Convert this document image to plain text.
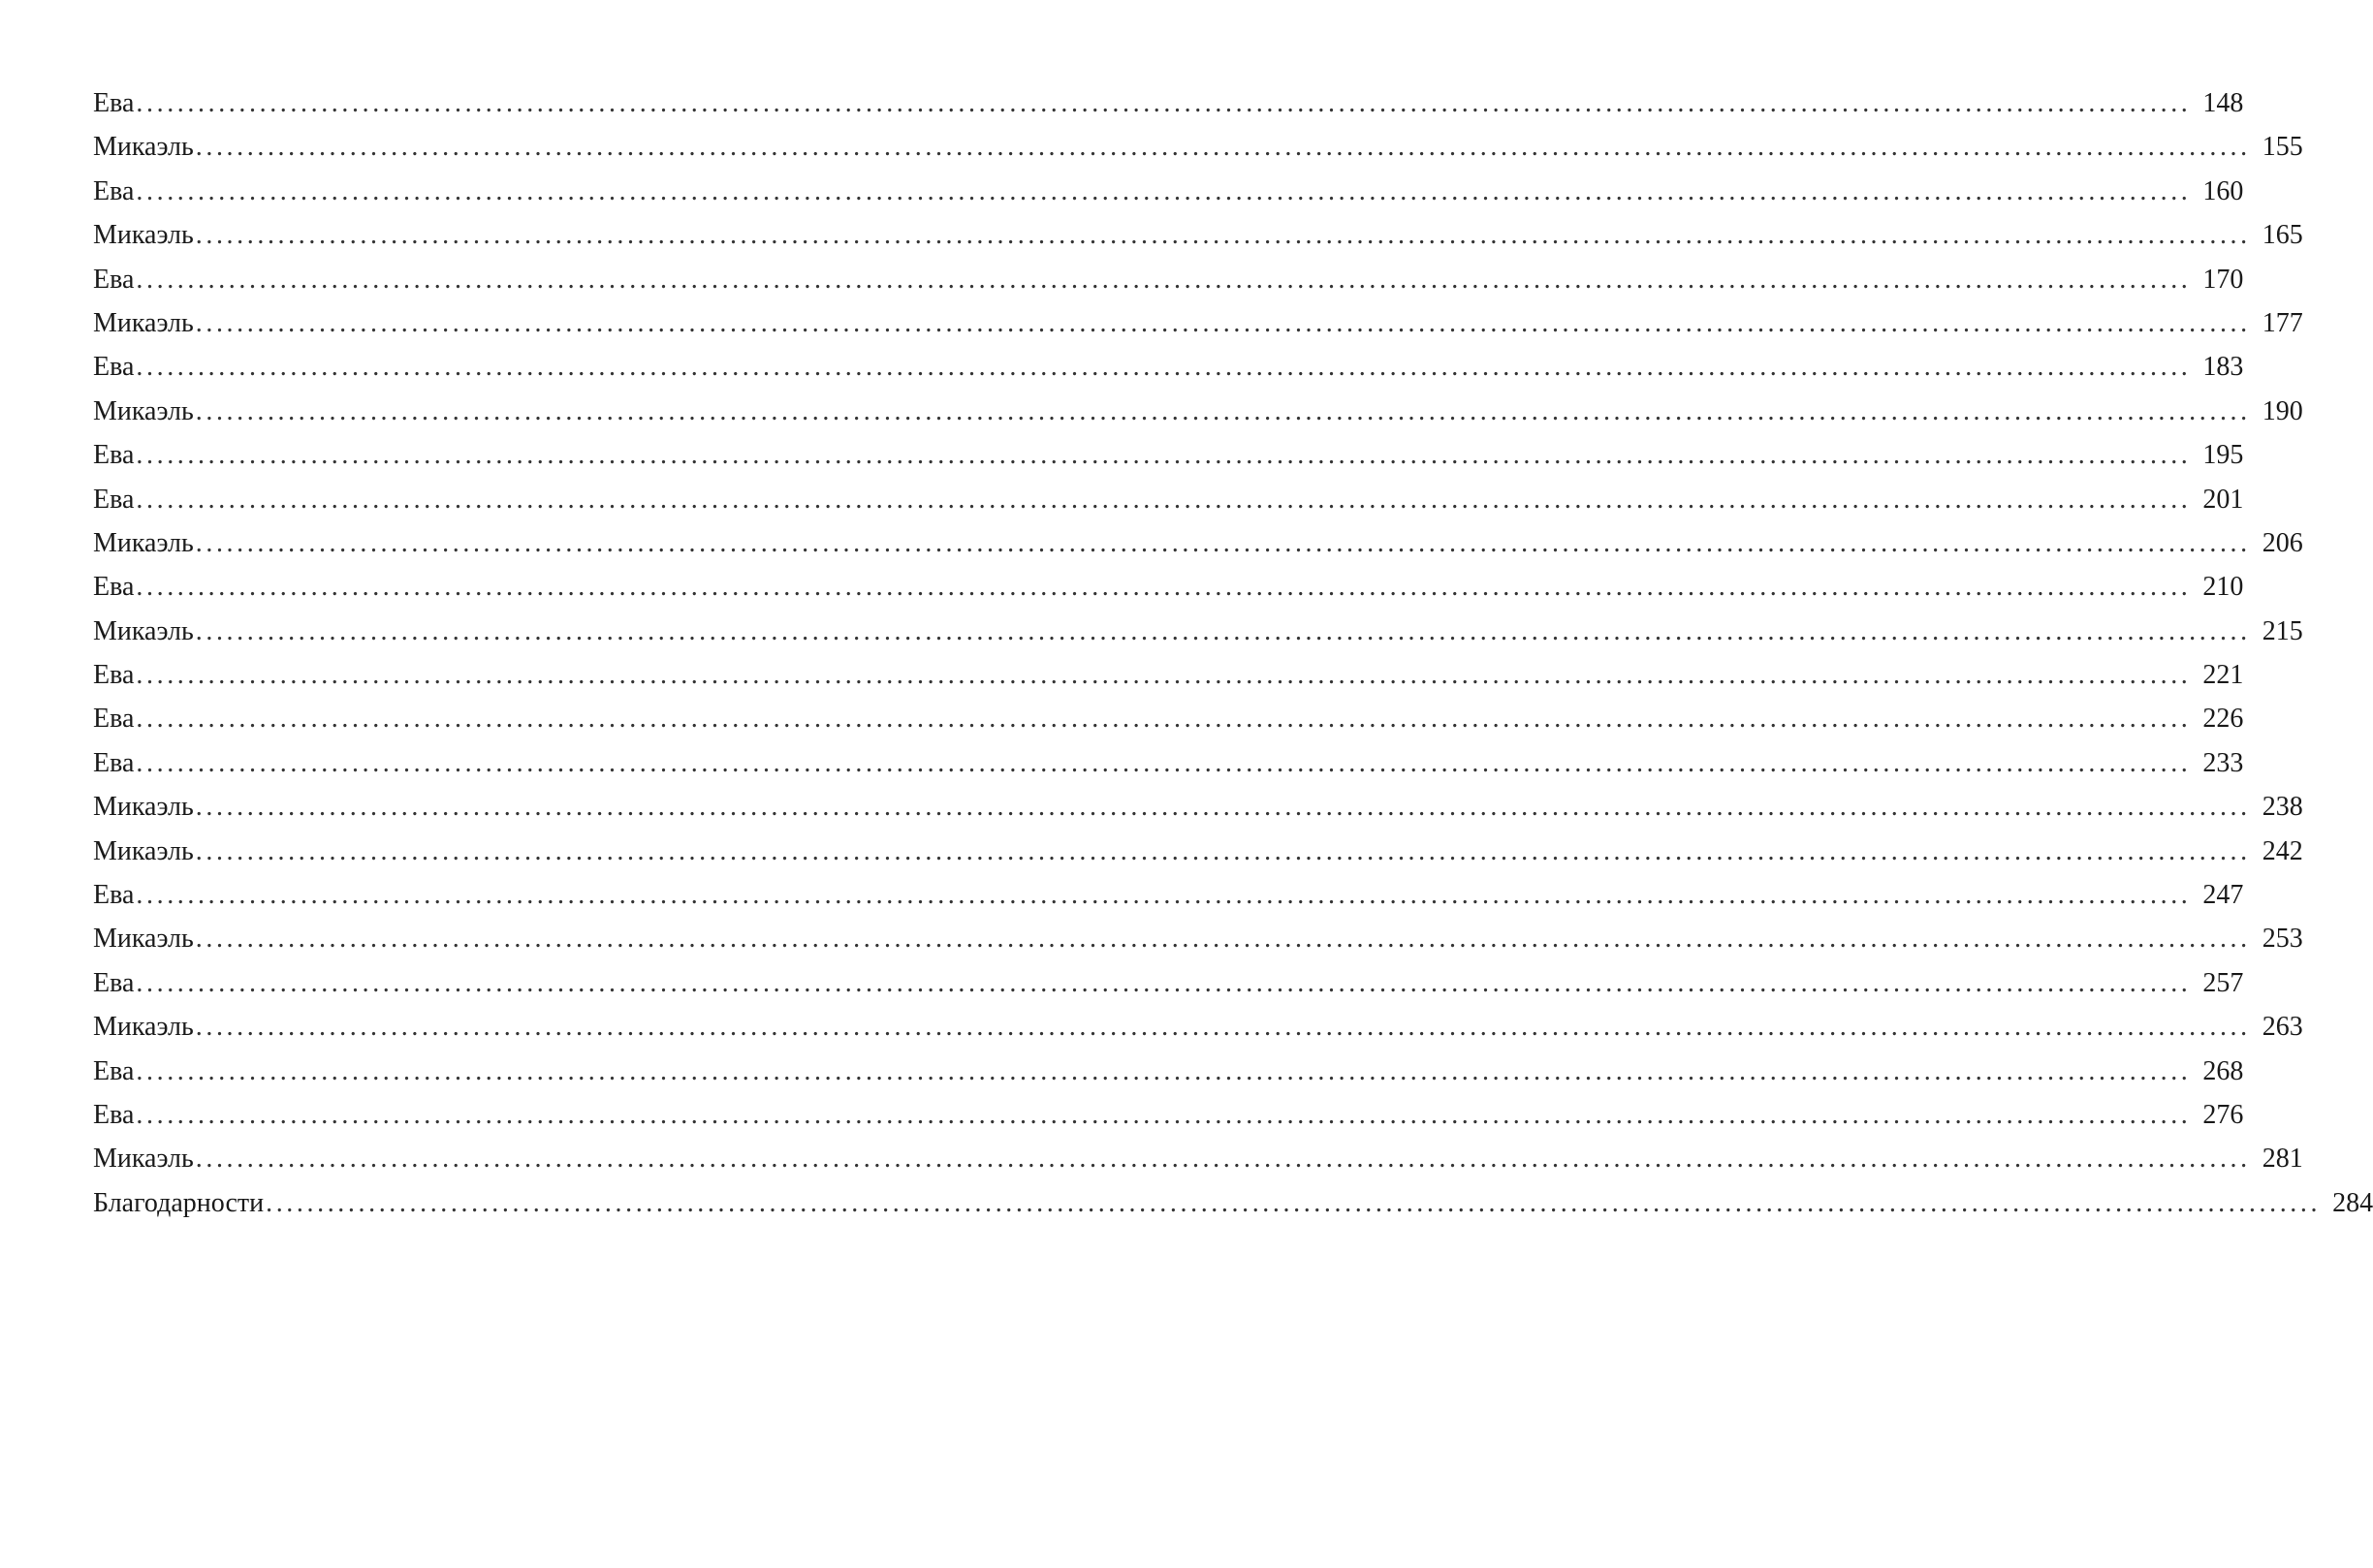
Ева ........................................................................................................................................................................................................ 148
Микаэль ........................................................................................................................................................................................................ 155
Ева ........................................................................................................................................................................................................ 160
Микаэль ........................................................................................................................................................................................................ 165
Ева ........................................................................................................................................................................................................ 170
Микаэль ........................................................................................................................................................................................................ 177
Ева ........................................................................................................................................................................................................ 183
Микаэль ........................................................................................................................................................................................................ 190
Ева ........................................................................................................................................................................................................ 195
Ева ........................................................................................................................................................................................................ 201
Микаэль ........................................................................................................................................................................................................ 206
Ева ........................................................................................................................................................................................................ 210
Микаэль ........................................................................................................................................................................................................ 215
Ева ........................................................................................................................................................................................................ 221
Ева ........................................................................................................................................................................................................ 226
Ева ........................................................................................................................................................................................................ 233
Микаэль ........................................................................................................................................................................................................ 238
Микаэль ........................................................................................................................................................................................................ 242
Ева ........................................................................................................................................................................................................ 247
Микаэль ........................................................................................................................................................................................................ 253
Ева ........................................................................................................................................................................................................ 257
Микаэль ........................................................................................................................................................................................................ 263
Ева ........................................................................................................................................................................................................ 268
Ева ........................................................................................................................................................................................................ 276
Микаэль ........................................................................................................................................................................................................ 281
Благодарности ........................................................................................................................................................................................................ 284
